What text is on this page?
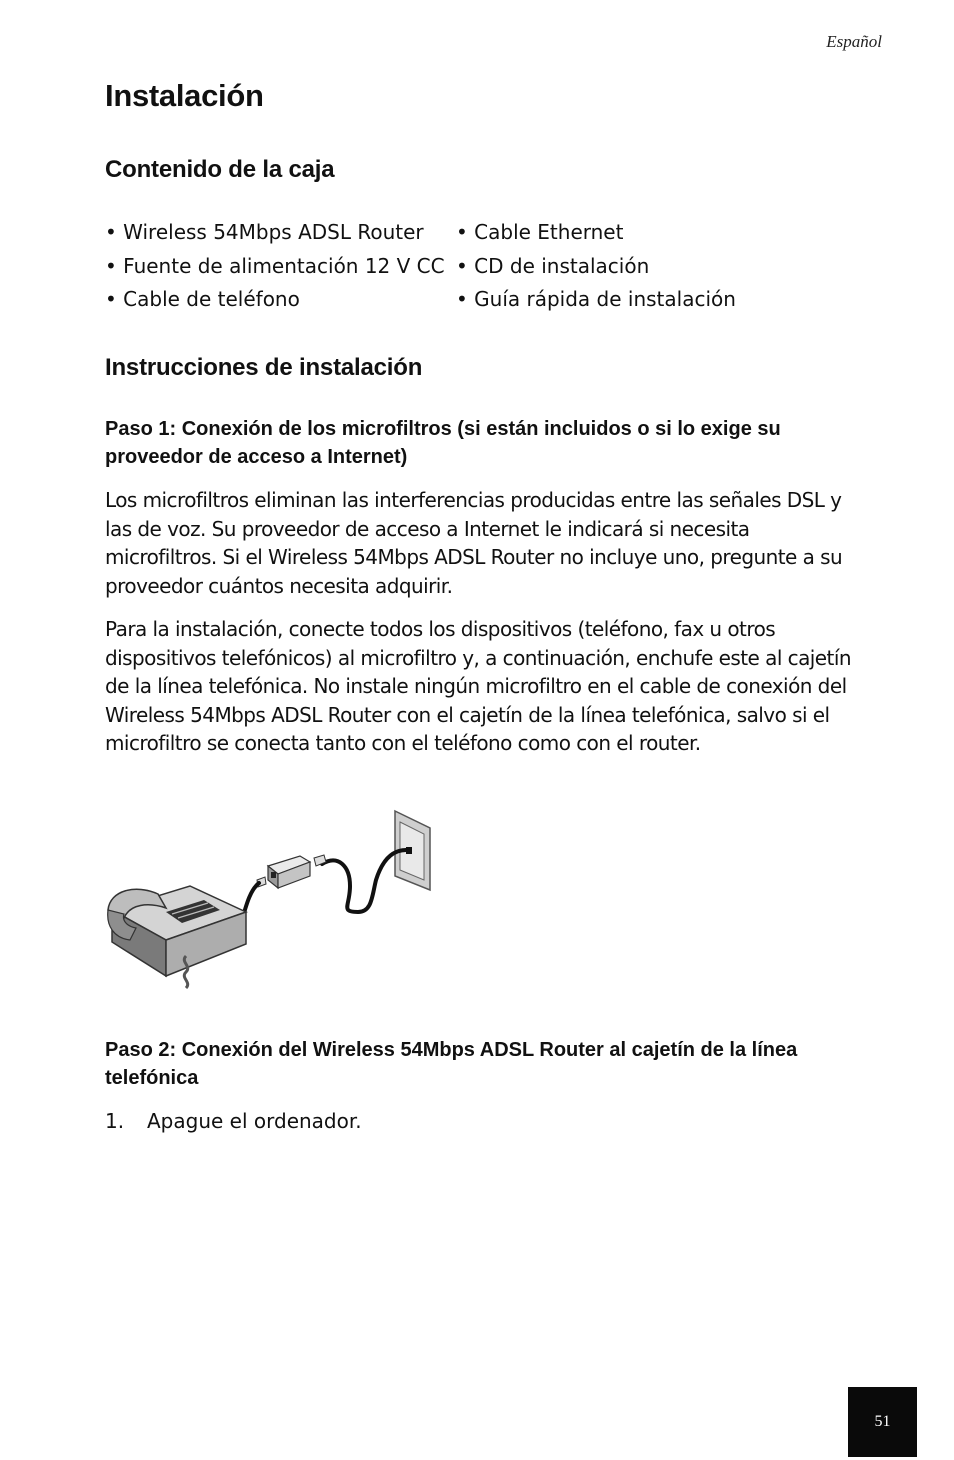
Español
Instalación
Contenido de la caja
• Wireless 54Mbps ADSL Router	• Cable Ethernet
• Fuente de alimentación 12 V CC • CD de instalación
• Cable de teléfono	• Guía rápida de instalación
Instrucciones de instalación
Paso 1: Conexión de los microfiltros (si están incluidos o si lo exige su proveedor de acceso a Internet)

Los microfiltros eliminan las interferencias producidas entre las señales DSL y las de voz. Su proveedor de acceso a Internet le indicará si necesita microfiltros. Si el Wireless 54Mbps ADSL Router no incluye uno, pregunte a su proveedor cuántos necesita adquirir.

Para la instalación, conecte todos los dispositivos (teléfono, fax u otros dispositivos telefónicos) al microfiltro y, a continuación, enchufe este al cajetín de la línea telefónica. No instale ningún microfiltro en el cable de conexión del Wireless 54Mbps ADSL Router con el cajetín de la línea telefónica, salvo si el microfiltro se conecta tanto con el teléfono como con el router.

Paso 2: Conexión del Wireless 54Mbps ADSL Router al cajetín de la línea telefónica
1. Apague el ordenador.
51
